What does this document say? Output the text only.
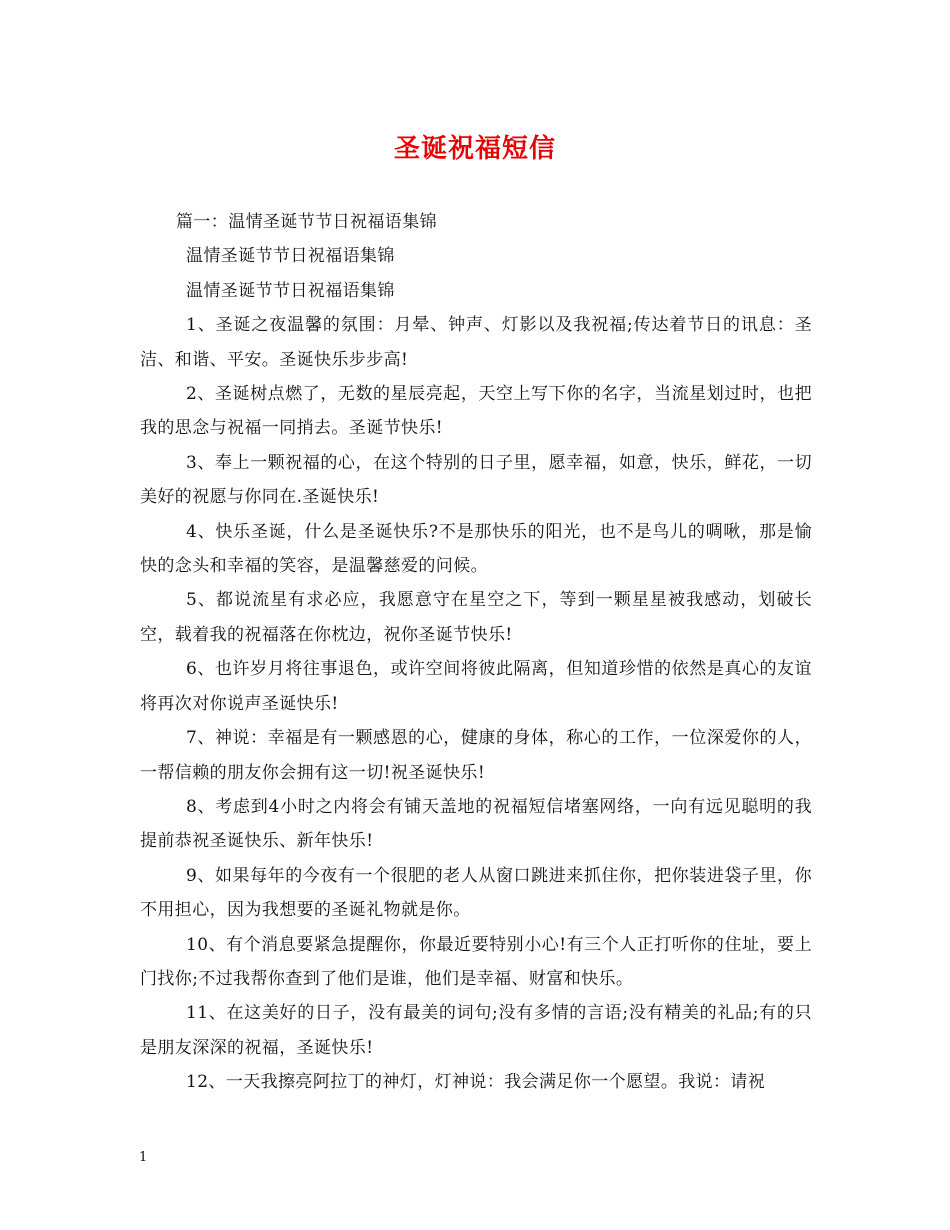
圣诞祝福短信

篇一：温情圣诞节节日祝福语集锦

温情圣诞节节日祝福语集锦

温情圣诞节节日祝福语集锦

1、圣诞之夜温馨的氛围：月晕、钟声、灯影以及我祝福;传达着节日的讯息：圣洁、和谐、平安。圣诞快乐步步高!

2、圣诞树点燃了，无数的星辰亮起，天空上写下你的名字，当流星划过时，也把我的思念与祝福一同捎去。圣诞节快乐!

3、奉上一颗祝福的心，在这个特别的日子里，愿幸福，如意，快乐，鲜花，一切美好的祝愿与你同在.圣诞快乐!

4、快乐圣诞，什么是圣诞快乐?不是那快乐的阳光，也不是鸟儿的啁啾，那是愉快的念头和幸福的笑容，是温馨慈爱的问候。

5、都说流星有求必应，我愿意守在星空之下，等到一颗星星被我感动，划破长空，载着我的祝福落在你枕边，祝你圣诞节快乐!

6、也许岁月将往事退色，或许空间将彼此隔离，但知道珍惜的依然是真心的友谊将再次对你说声圣诞快乐!

7、神说：幸福是有一颗感恩的心，健康的身体，称心的工作，一位深爱你的人，一帮信赖的朋友你会拥有这一切!祝圣诞快乐!

8、考虑到4小时之内将会有铺天盖地的祝福短信堵塞网络，一向有远见聪明的我提前恭祝圣诞快乐、新年快乐!

9、如果每年的今夜有一个很肥的老人从窗口跳进来抓住你，把你装进袋子里，你不用担心，因为我想要的圣诞礼物就是你。

10、有个消息要紧急提醒你，你最近要特别小心!有三个人正打听你的住址，要上门找你;不过我帮你查到了他们是谁，他们是幸福、财富和快乐。

11、在这美好的日子，没有最美的词句;没有多情的言语;没有精美的礼品;有的只是朋友深深的祝福，圣诞快乐!

12、一天我擦亮阿拉丁的神灯，灯神说：我会满足你一个愿望。我说：请祝

1
